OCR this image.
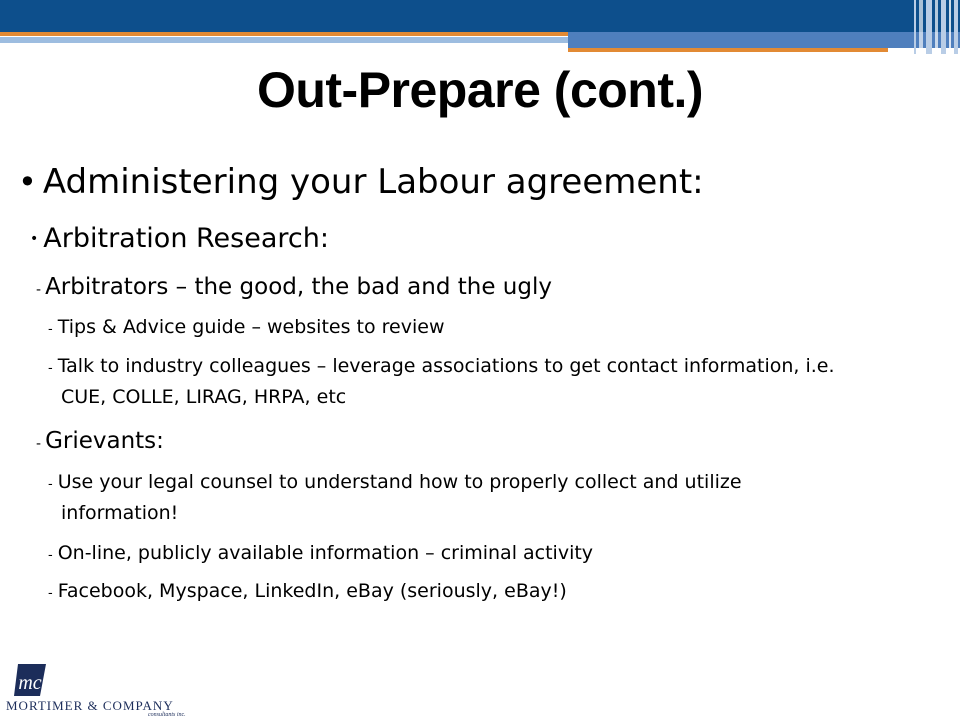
Out-Prepare (cont.)
• Administering your Labour agreement:
• Arbitration Research:
- Arbitrators – the good, the bad and the ugly
- Tips & Advice guide – websites to review
- Talk to industry colleagues – leverage associations to get contact information, i.e.
CUE, COLLE, LIRAG, HRPA, etc
- Grievants:
- Use your legal counsel to understand how to properly collect and utilize
information!
- On-line, publicly available information – criminal activity
- Facebook, Myspace, LinkedIn, eBay (seriously, eBay!)
mc
MORTIMER & COMPANY
consultants inc.
